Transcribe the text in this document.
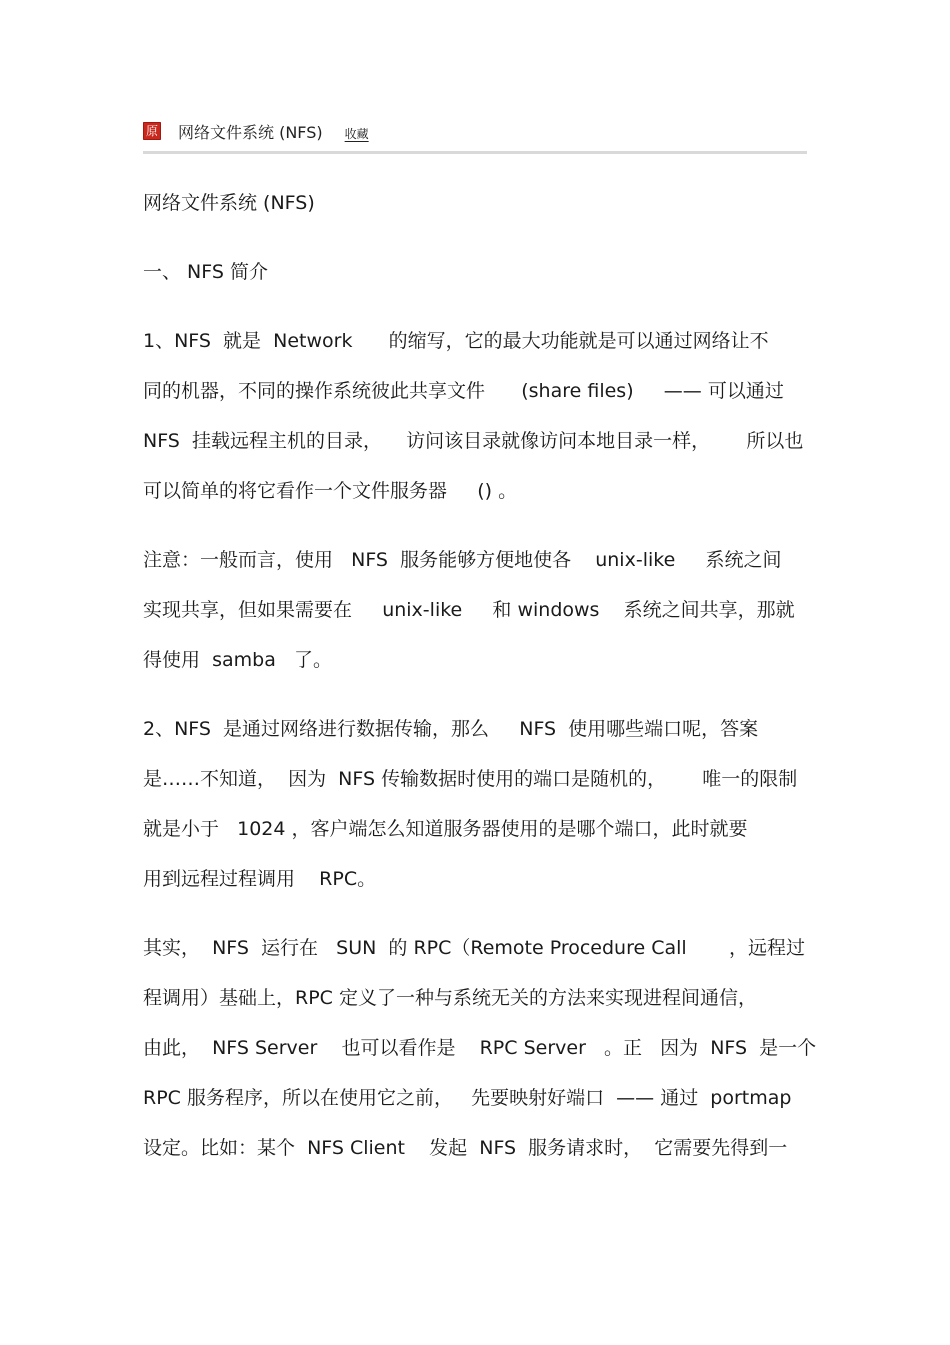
原 网络文件系统 (NFS) 收藏

网络文件系统 (NFS)

一、 NFS 简介

1、NFS  就是  Network      的缩写，它的最大功能就是可以通过网络让不
同的机器，不同的操作系统彼此共享文件      (share files)     —— 可以通过
NFS  挂载远程主机的目录，    访问该目录就像访问本地目录一样，      所以也
可以简单的将它看作一个文件服务器     () 。

注意：一般而言，使用   NFS  服务能够方便地使各    unix-like     系统之间
实现共享，但如果需要在     unix-like     和 windows    系统之间共享，那就
得使用  samba   了。

2、NFS  是通过网络进行数据传输，那么     NFS  使用哪些端口呢，答案
是……不知道，  因为  NFS 传输数据时使用的端口是随机的，      唯一的限制
就是小于   1024 ，客户端怎么知道服务器使用的是哪个端口，此时就要
用到远程过程调用    RPC。

其实，  NFS  运行在   SUN  的 RPC（Remote Procedure Call       ，远程过
程调用）基础上，RPC 定义了一种与系统无关的方法来实现进程间通信，
由此，  NFS Server    也可以看作是    RPC Server   。正   因为  NFS  是一个
RPC 服务程序，所以在使用它之前，   先要映射好端口  —— 通过  portmap
设定。比如：某个  NFS Client    发起  NFS  服务请求时，  它需要先得到一
